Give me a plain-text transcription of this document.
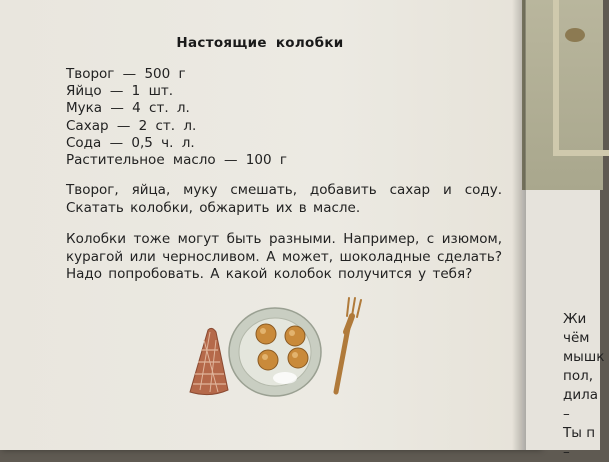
Настоящие колобки
Творог — 500 г
Яйцо — 1 шт.
Мука — 4 ст. л.
Сахар — 2 ст. л.
Сода — 0,5 ч. л.
Растительное масло — 100 г

Творог, яйца, муку смешать, добавить сахар и соду. Скатать колобки, обжарить их в масле.

Колобки тоже могут быть разными. Например, с изюмом, курагой или черносливом. А может, шоколадные сделать? Надо попробовать. А какой колобок получится у тебя?

Жи
чём
мышк
пол,
дила
–
Ты п
–
